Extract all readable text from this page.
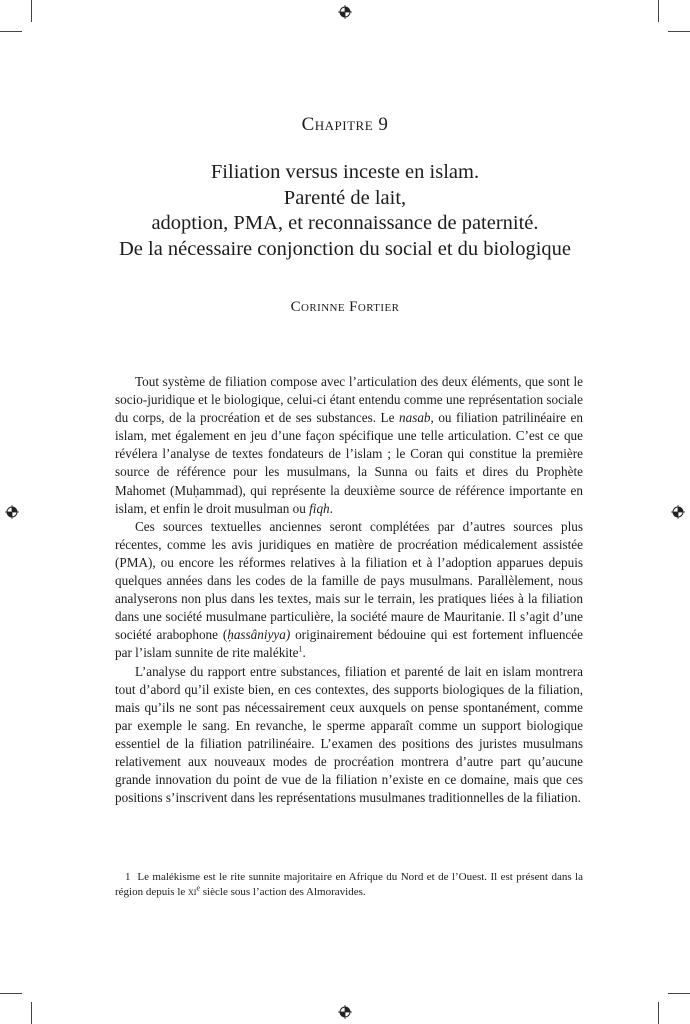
Chapitre 9
Filiation versus inceste en islam.
Parenté de lait,
adoption, PMA, et reconnaissance de paternité.
De la nécessaire conjonction du social et du biologique
Corinne Fortier

Tout système de filiation compose avec l’articulation des deux éléments, que sont le socio-juridique et le biologique, celui-ci étant entendu comme une représentation sociale du corps, de la procréation et de ses substances. Le nasab, ou filiation patrilinéaire en islam, met également en jeu d’une façon spécifique une telle articulation. C’est ce que révélera l’analyse de textes fondateurs de l’islam ; le Coran qui constitue la première source de référence pour les musulmans, la Sunna ou faits et dires du Prophète Mahomet (Muḥammad), qui représente la deuxième source de référence importante en islam, et enfin le droit musulman ou fiqh.

Ces sources textuelles anciennes seront complétées par d’autres sources plus récentes, comme les avis juridiques en matière de procréation médicalement assistée (PMA), ou encore les réformes relatives à la filiation et à l’adoption apparues depuis quelques années dans les codes de la famille de pays musulmans. Parallèlement, nous analyserons non plus dans les textes, mais sur le terrain, les pratiques liées à la filiation dans une société musulmane particulière, la société maure de Mauritanie. Il s’agit d’une société arabophone (ḥassâniyya) originairement bédouine qui est fortement influencée par l’islam sunnite de rite malékite$^1$.

L’analyse du rapport entre substances, filiation et parenté de lait en islam montrera tout d’abord qu’il existe bien, en ces contextes, des supports biologiques de la filiation, mais qu’ils ne sont pas nécessairement ceux auxquels on pense spontanément, comme par exemple le sang. En revanche, le sperme apparaît comme un support biologique essentiel de la filiation patrilinéaire. L’examen des positions des juristes musulmans relativement aux nouveaux modes de procréation montrera d’autre part qu’aucune grande innovation du point de vue de la filiation n’existe en ce domaine, mais que ces positions s’inscrivent dans les représentations musulmanes traditionnelles de la filiation.

1 Le malékisme est le rite sunnite majoritaire en Afrique du Nord et de l’Ouest. Il est présent dans la région depuis le $xi^e$ siècle sous l’action des Almoravides.
